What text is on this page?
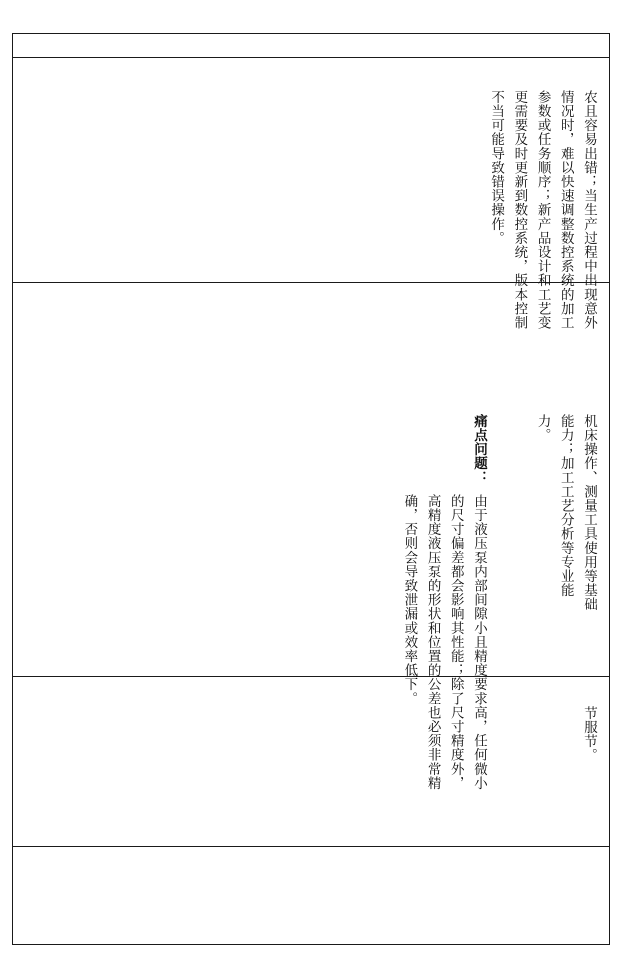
农且容易出错；当生产过程中出现意外情况时，难以快速调整数控系统的加工参数或任务顺序；新产品设计和工艺变更需要及时更新到数控系统，版本控制不当可能导致错误操作。
机床操作、测量工具使用等基础能力；加工工艺分析等专业能力。
痛点问题：
由于液压泵内部间隙小且精度要求高，任何微小的尺寸偏差都会影响其性能；除了尺寸精度外，高精度液压泵的形状和位置的公差也必须非常精确，否则会导致泄漏或效率低下。
节服节。
